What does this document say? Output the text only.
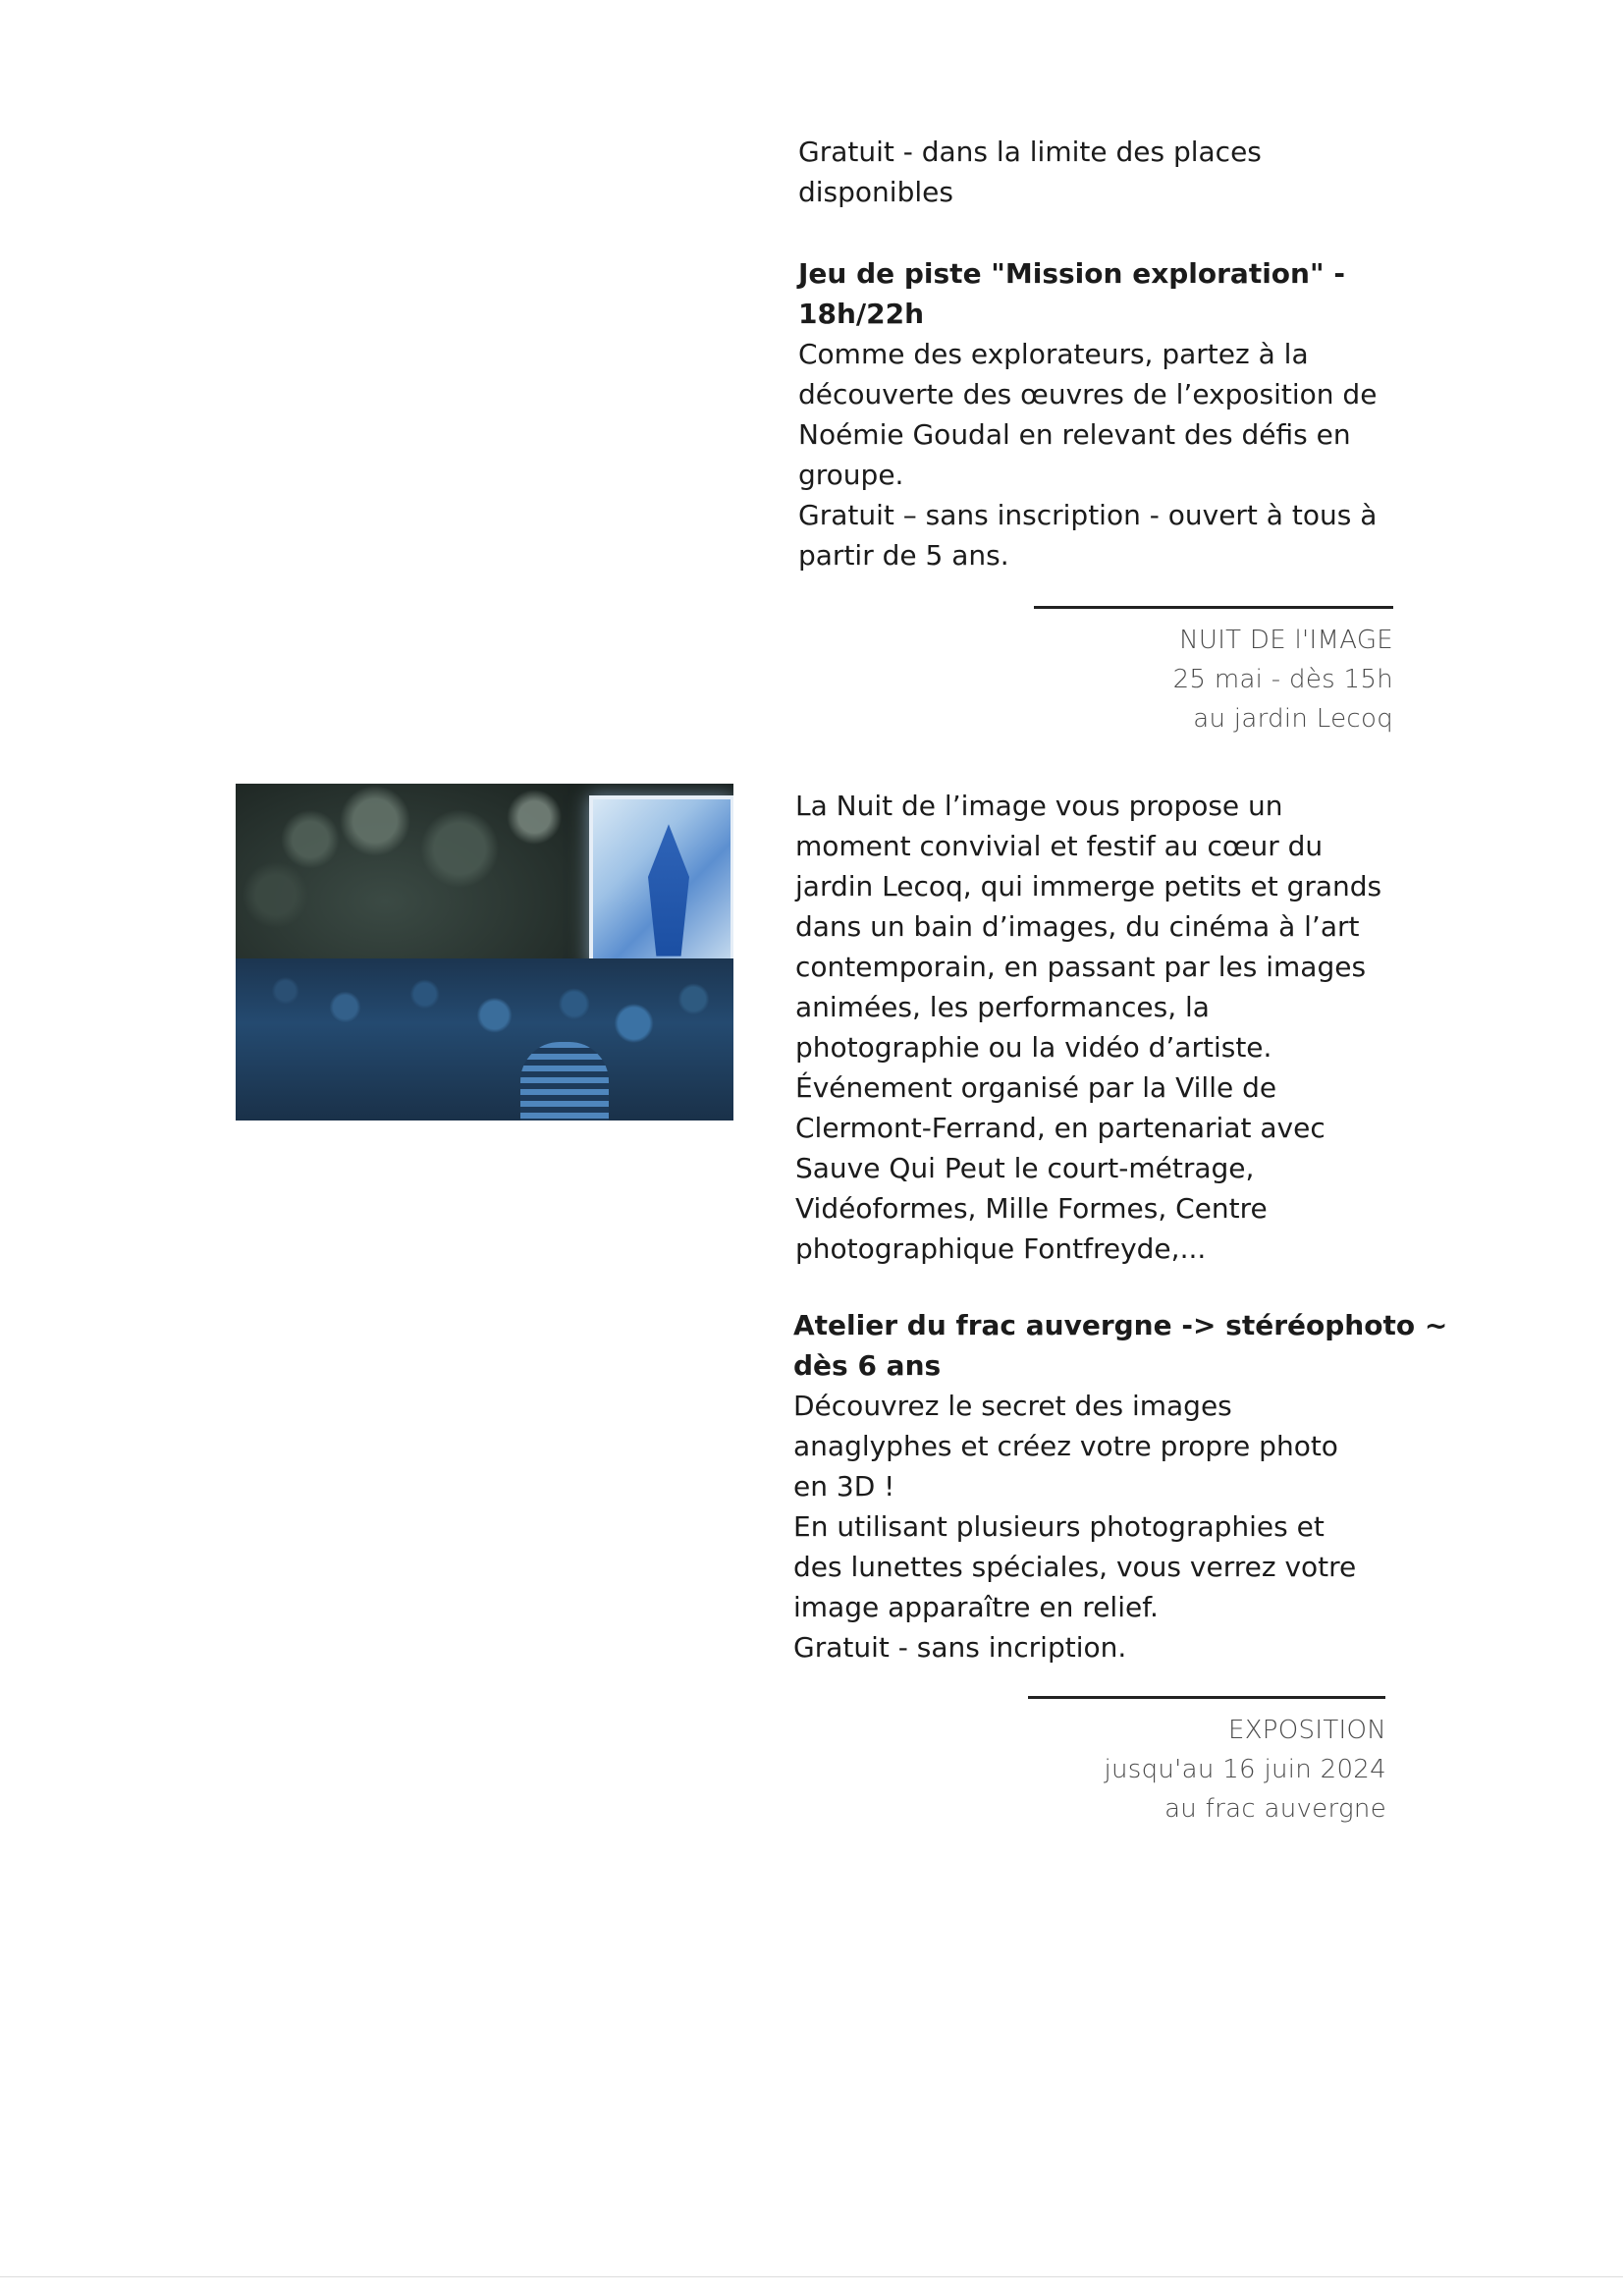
Gratuit - dans la limite des places

disponibles

Jeu de piste "Mission exploration" -

18h/22h

Comme des explorateurs, partez à la

découverte des œuvres de l’exposition de

Noémie Goudal en relevant des défis en

groupe.

Gratuit – sans inscription - ouvert à tous à

partir de 5 ans.

NUIT DE l'IMAGE
25 mai - dès 15h
au jardin Lecoq

La Nuit de l’image vous propose un

moment convivial et festif au cœur du

jardin Lecoq, qui immerge petits et grands

dans un bain d’images, du cinéma à l’art

contemporain, en passant par les images

animées, les performances, la

photographie ou la vidéo d’artiste.

Événement organisé par la Ville de

Clermont-Ferrand, en partenariat avec

Sauve Qui Peut le court-métrage,

Vidéoformes, Mille Formes, Centre

photographique Fontfreyde,...

Atelier du frac auvergne -> stéréophoto ~

dès 6 ans

Découvrez le secret des images

anaglyphes et créez votre propre photo

en 3D !

En utilisant plusieurs photographies et

des lunettes spéciales, vous verrez votre

image apparaître en relief.

Gratuit - sans incription.

EXPOSITION
jusqu'au 16 juin 2024
au frac auvergne
